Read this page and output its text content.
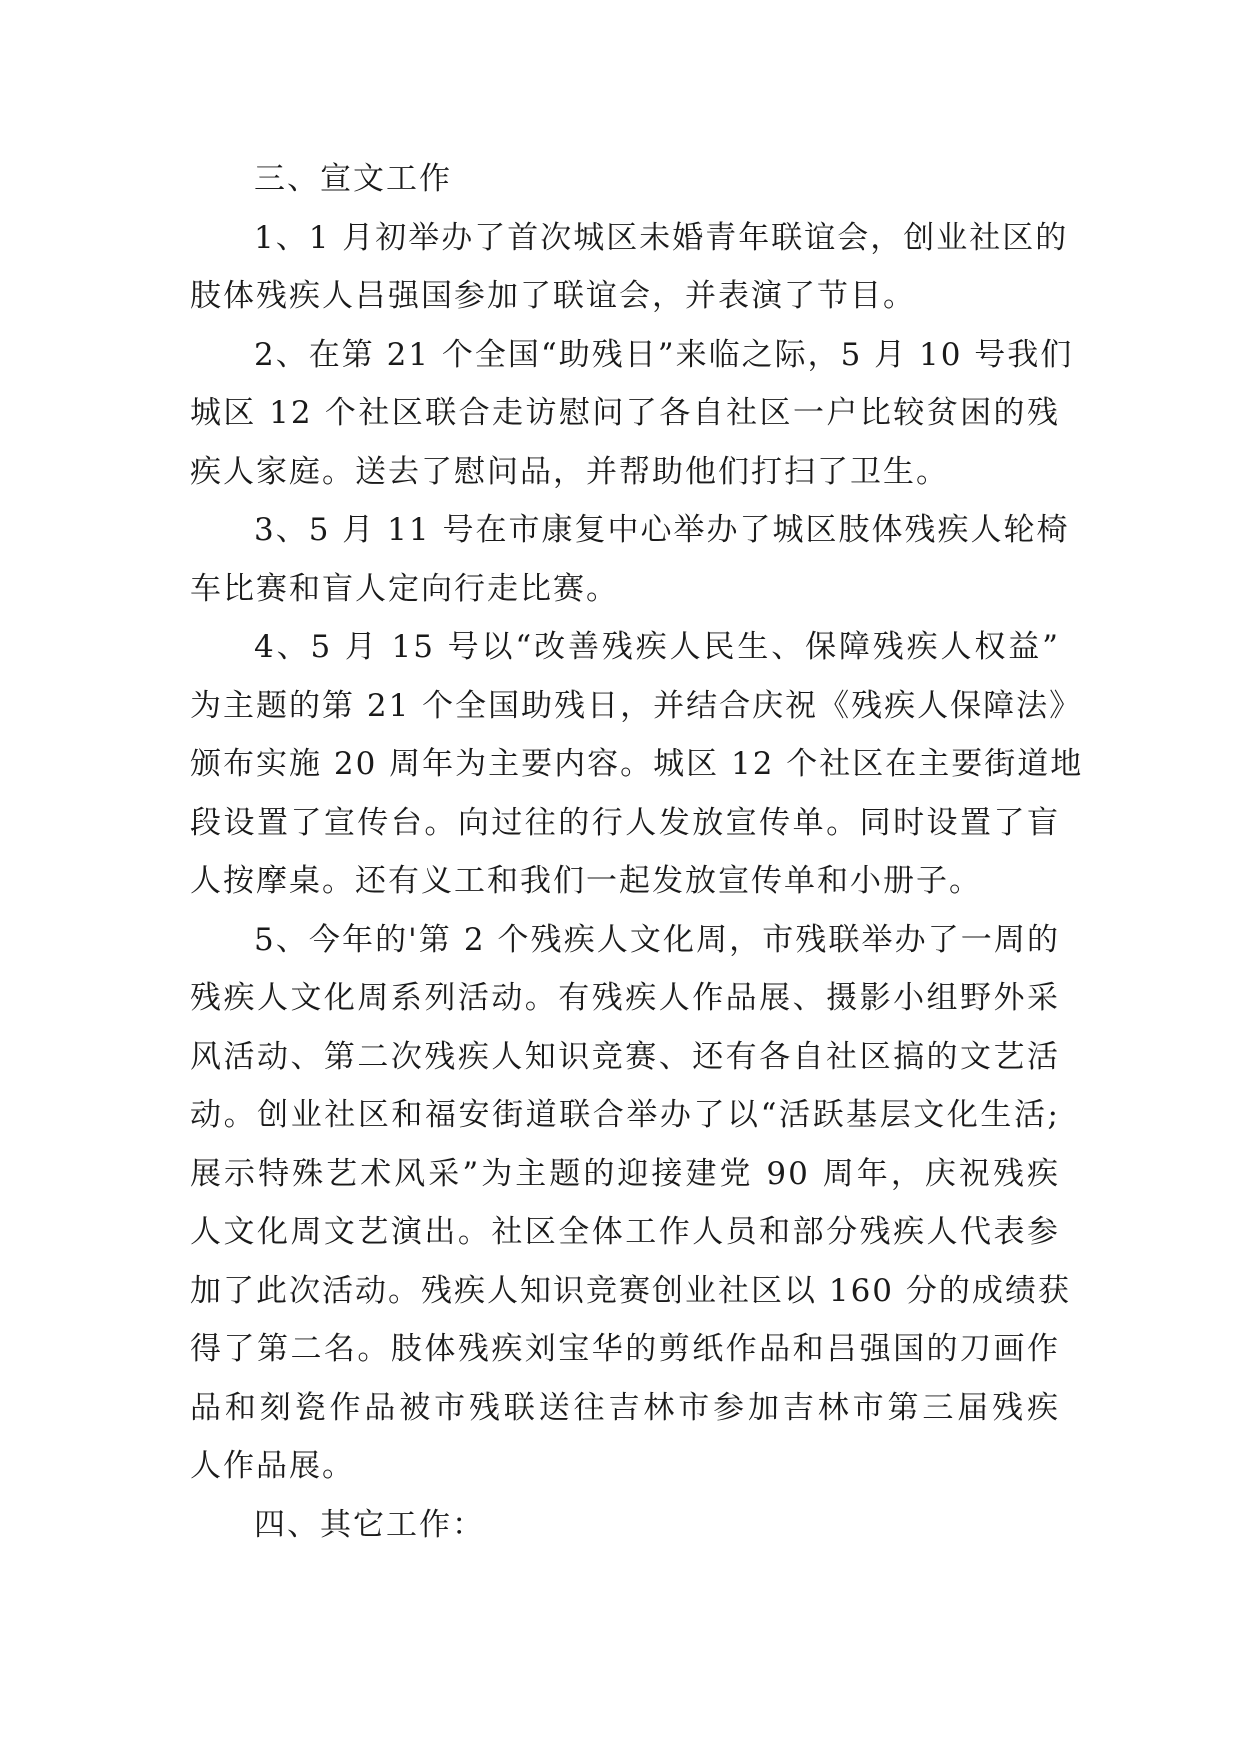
三、宣文工作
1、1 月初举办了首次城区未婚青年联谊会，创业社区的
肢体残疾人吕强国参加了联谊会，并表演了节目。
2、在第 21 个全国“助残日”来临之际，5 月 10 号我们
城区 12 个社区联合走访慰问了各自社区一户比较贫困的残
疾人家庭。送去了慰问品，并帮助他们打扫了卫生。
3、5 月 11 号在市康复中心举办了城区肢体残疾人轮椅
车比赛和盲人定向行走比赛。
4、5 月 15 号以“改善残疾人民生、保障残疾人权益”
为主题的第 21 个全国助残日，并结合庆祝《残疾人保障法》
颁布实施 20 周年为主要内容。城区 12 个社区在主要街道地
段设置了宣传台。向过往的行人发放宣传单。同时设置了盲
人按摩桌。还有义工和我们一起发放宣传单和小册子。
5、今年的'第 2 个残疾人文化周，市残联举办了一周的
残疾人文化周系列活动。有残疾人作品展、摄影小组野外采
风活动、第二次残疾人知识竞赛、还有各自社区搞的文艺活
动。创业社区和福安街道联合举办了以“活跃基层文化生活;
展示特殊艺术风采”为主题的迎接建党 90 周年，庆祝残疾
人文化周文艺演出。社区全体工作人员和部分残疾人代表参
加了此次活动。残疾人知识竞赛创业社区以 160 分的成绩获
得了第二名。肢体残疾刘宝华的剪纸作品和吕强国的刀画作
品和刻瓷作品被市残联送往吉林市参加吉林市第三届残疾
人作品展。
四、其它工作：
